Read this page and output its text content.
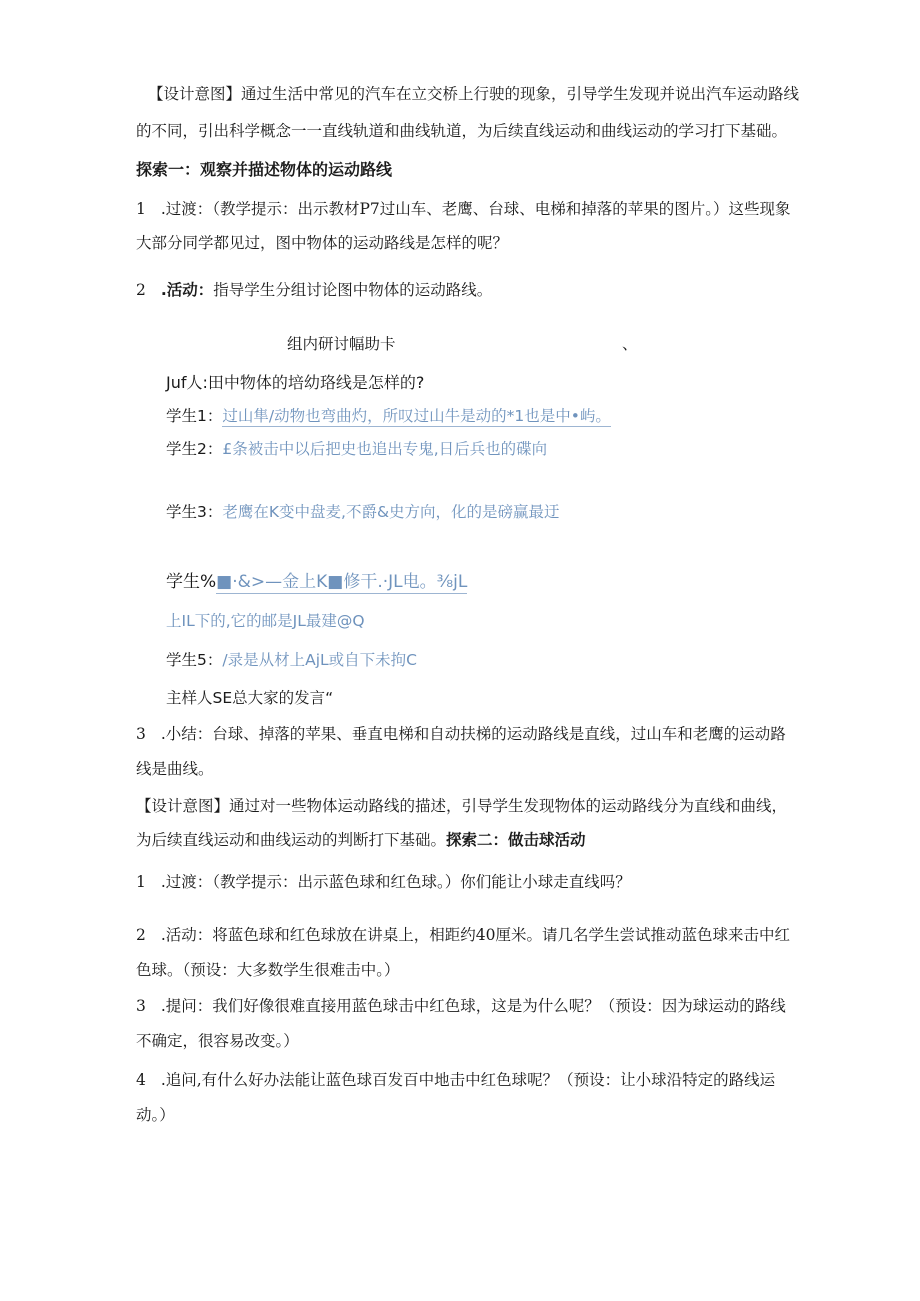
【设计意图】通过生活中常见的汽车在立交桥上行驶的现象，引导学生发现并说出汽车运动路线
的不同，引出科学概念一一直线轨道和曲线轨道，为后续直线运动和曲线运动的学习打下基础。
探索一：观察并描述物体的运动路线
1 .过渡：（教学提示：出示教材P7过山车、老鹰、台球、电梯和掉落的苹果的图片。）这些现象
大部分同学都见过，图中物体的运动路线是怎样的呢？
2 .活动：指导学生分组讨论图中物体的运动路线。
组内研讨幅助卡	、
Juf人:田中物体的培幼珞线是怎样的?
学生1：过山隼/动物也弯曲灼，所叹过山牛是动的*1也是中•屿。
学生2：£条被击中以后把史也追出专鬼,日后兵也的碟向
学生3：老鹰在K变中盘麦,不爵&史方向，化的是磅赢最迂
学生%■·&>—金上K■修干.·JL电。⅜jL
上IL下的,它的邮是JL最建@Q
学生5：/录是从材上AjL或自下未拘C
主样人SE总大家的发言“
3 .小结：台球、掉落的苹果、垂直电梯和自动扶梯的运动路线是直线，过山车和老鹰的运动路
线是曲线。
【设计意图】通过对一些物体运动路线的描述，引导学生发现物体的运动路线分为直线和曲线，
为后续直线运动和曲线运动的判断打下基础。探索二：做击球活动
1 .过渡：（教学提示：出示蓝色球和红色球。）你们能让小球走直线吗？
2 .活动：将蓝色球和红色球放在讲桌上，相距约40厘米。请几名学生尝试推动蓝色球来击中红
色球。（预设：大多数学生很难击中。）
3 .提问：我们好像很难直接用蓝色球击中红色球，这是为什么呢？（预设：因为球运动的路线
不确定，很容易改变。）
4 .追问,有什么好办法能让蓝色球百发百中地击中红色球呢？（预设：让小球沿特定的路线运
动。）
